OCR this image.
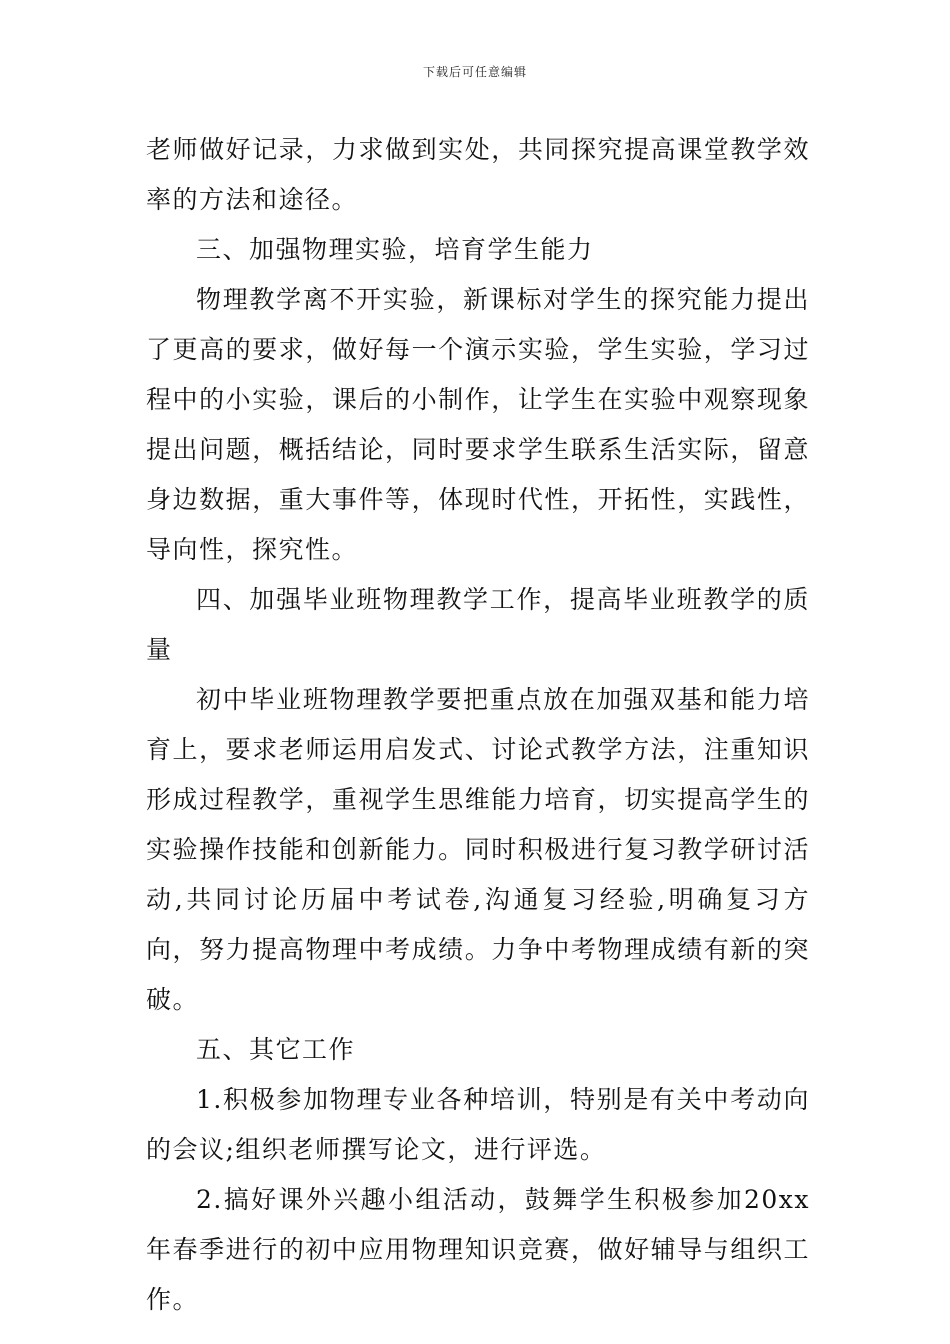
下载后可任意编辑

老师做好记录，力求做到实处，共同探究提高课堂教学效率的方法和途径。

三、加强物理实验，培育学生能力

物理教学离不开实验，新课标对学生的探究能力提出了更高的要求，做好每一个演示实验，学生实验，学习过程中的小实验，课后的小制作，让学生在实验中观察现象提出问题，概括结论，同时要求学生联系生活实际，留意身边数据，重大事件等，体现时代性，开拓性，实践性，导向性，探究性。

四、加强毕业班物理教学工作，提高毕业班教学的质量

初中毕业班物理教学要把重点放在加强双基和能力培育上，要求老师运用启发式、讨论式教学方法，注重知识形成过程教学，重视学生思维能力培育，切实提高学生的实验操作技能和创新能力。同时积极进行复习教学研讨活动,共同讨论历届中考试卷,沟通复习经验,明确复习方向，努力提高物理中考成绩。力争中考物理成绩有新的突破。

五、其它工作

1.积极参加物理专业各种培训，特别是有关中考动向的会议;组织老师撰写论文，进行评选。

2.搞好课外兴趣小组活动，鼓舞学生积极参加20xx年春季进行的初中应用物理知识竞赛，做好辅导与组织工作。
